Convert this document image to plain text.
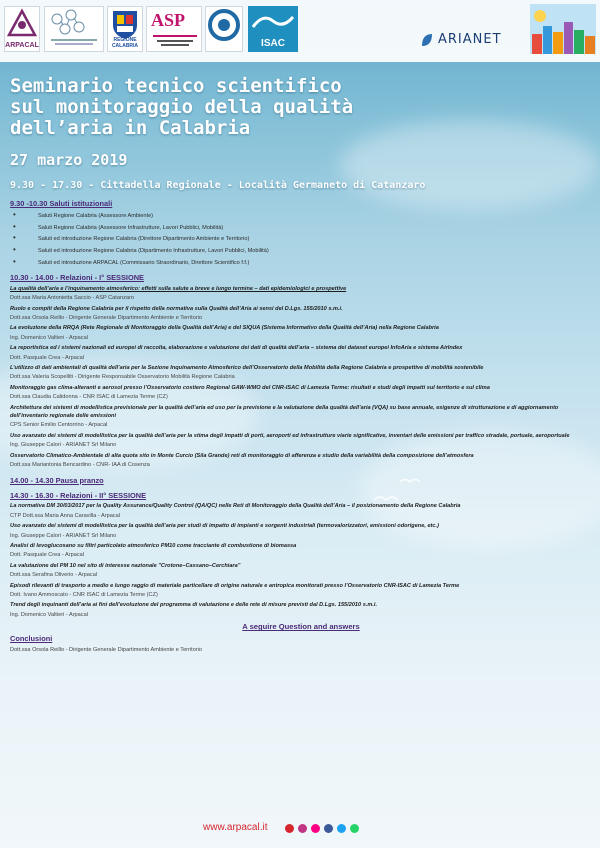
ARPACAL
REGIONE CALABRIA
ASP
ISAC	ARIANET
Seminario tecnico scientifico
sul monitoraggio della qualità
dell’aria in Calabria
27 marzo 2019
9.30 - 17.30 - Cittadella Regionale - Località Germaneto di Catanzaro
9.30 -10.30 Saluti istituzionali
• Saluti Regione Calabria (Assessore Ambiente)
• Saluti Regione Calabria (Assessore Infrastrutture, Lavori Pubblici, Mobilità)
• Saluti ed introduzione Regione Calabria (Direttore Dipartimento Ambiente e Territorio)
• Saluti ed introduzione Regione Calabria (Dipartimento Infrastrutture, Lavori Pubblici, Mobilità)
• Saluti ed introduzione ARPACAL (Commissario Straordinario, Direttore Scientifico f.f.)
10.30 - 14.00 - Relazioni - I° SESSIONE
La qualità dell’aria e l’inquinamento atmosferico: effetti sulla salute a breve e lungo termine – dati epidemiologici e prospettive
Dott.ssa Maria Antonietta Saccio - ASP Catanzaro
Ruolo e compiti della Regione Calabria per il rispetto della normativa sulla Qualità dell’Aria ai sensi del D.Lgs. 155/2010 s.m.i.
Dott.ssa Orsola Reillo - Dirigente Generale Dipartimento Ambiente e Territorio
La evoluzione della RRQA (Rete Regionale di Monitoraggio della Qualità dell’Aria) e del SIQUA (Sistema Informativo della Qualità dell’Aria) nella Regione Calabria
Ing. Domenico Valtieri - Arpacal
La reportistica ed i sistemi nazionali ed europei di raccolta, elaborazione e valutazione dei dati di qualità dell’aria – sistema dei dataset europei InfoAria e sistema AirIndex
Dott. Pasquale Crea - Arpacal
L’utilizzo di dati ambientali di qualità dell’aria per la Sezione Inquinamento Atmosferico dell’Osservatorio della Mobilità della Regione Calabria e prospettive di mobilità sostenibile
Dott.ssa Valeria Scopelliti - Dirigente Responsabile Osservatorio Mobilità Regione Calabria
Monitoraggio gas clima-alteranti e aerosol presso l’Osservatorio costiero Regional GAW-WMO del CNR-ISAC di Lamezia Terme: risultati e studi degli impatti sul territorio e sul clima
Dott.ssa Claudia Calidonna - CNR ISAC di Lamezia Terme (CZ)
Architettura dei sistemi di modellistica previsionale per la qualità dell’aria ed uso per la previsione e la valutazione della qualità dell’aria (VQA) su base annuale, esigenze di strutturazione e di aggiornamento dell’inventario regionale delle emissioni
CPS Senior Emilio Centorrino - Arpacal
Uso avanzato dei sistemi di modellistica per la qualità dell’aria per la stima degli impatti di porti, aeroporti ed infrastrutture viarie significative, inventari delle emissioni per traffico stradale, portuale, aeroportuale
Ing. Giuseppe Calori - ARIANET Srl Milano
Osservatorio Climatico-Ambientale di alta quota sito in Monte Curcio (Sila Grande) reti di monitoraggio di afferenza e studio della variabilità della composizione dell’atmosfera
Dott.ssa Mariantonia Bencardino - CNR- IAA di Cosenza
14.00 - 14.30 Pausa pranzo
14.30 - 16.30 - Relazioni - II° SESSIONE
La normativa DM 30/03/2017 per la Quality Assurance/Quality Control (QA/QC) nelle Reti di Monitoraggio della Qualità dell’Aria – il posizionamento della Regione Calabria
CTP Dott.ssa Maria Anna Caravilla - Arpacal
Uso avanzato dei sistemi di modellistica per la qualità dell’aria per studi di impatto di impianti e sorgenti industriali (termovalorizzatori, emissioni odorigene, etc.)
Ing. Giuseppe Calori - ARIANET Srl Milano
Analisi di levoglucosano su filtri particolato atmosferico PM10 come tracciante di combustione di biomassa
Dott. Pasquale Crea - Arpacal
La valutazione del PM 10 nel sito di interesse nazionale "Crotone–Cassano–Cerchiara"
Dott.ssa Serafina Oliverio - Arpacal
Episodi rilevanti di trasporto a medio e lungo raggio di materiale particellare di origine naturale e antropica monitorati presso l’Osservatorio CNR-ISAC di Lamezia Terme
Dott. Ivano Ammoscato - CNR ISAC di Lamezia Terme (CZ)
Trend degli inquinanti dell’aria ai fini dell’evoluzione del programma di valutazione e delle rete di misure previsti dal D.Lgs. 155/2010 s.m.i.
Ing. Domenico Valtieri - Arpacal
A seguire Question and answers
Conclusioni
Dott.ssa Orsola Reillo - Dirigente Generale Dipartimento Ambiente e Territorio
www.arpacal.it
